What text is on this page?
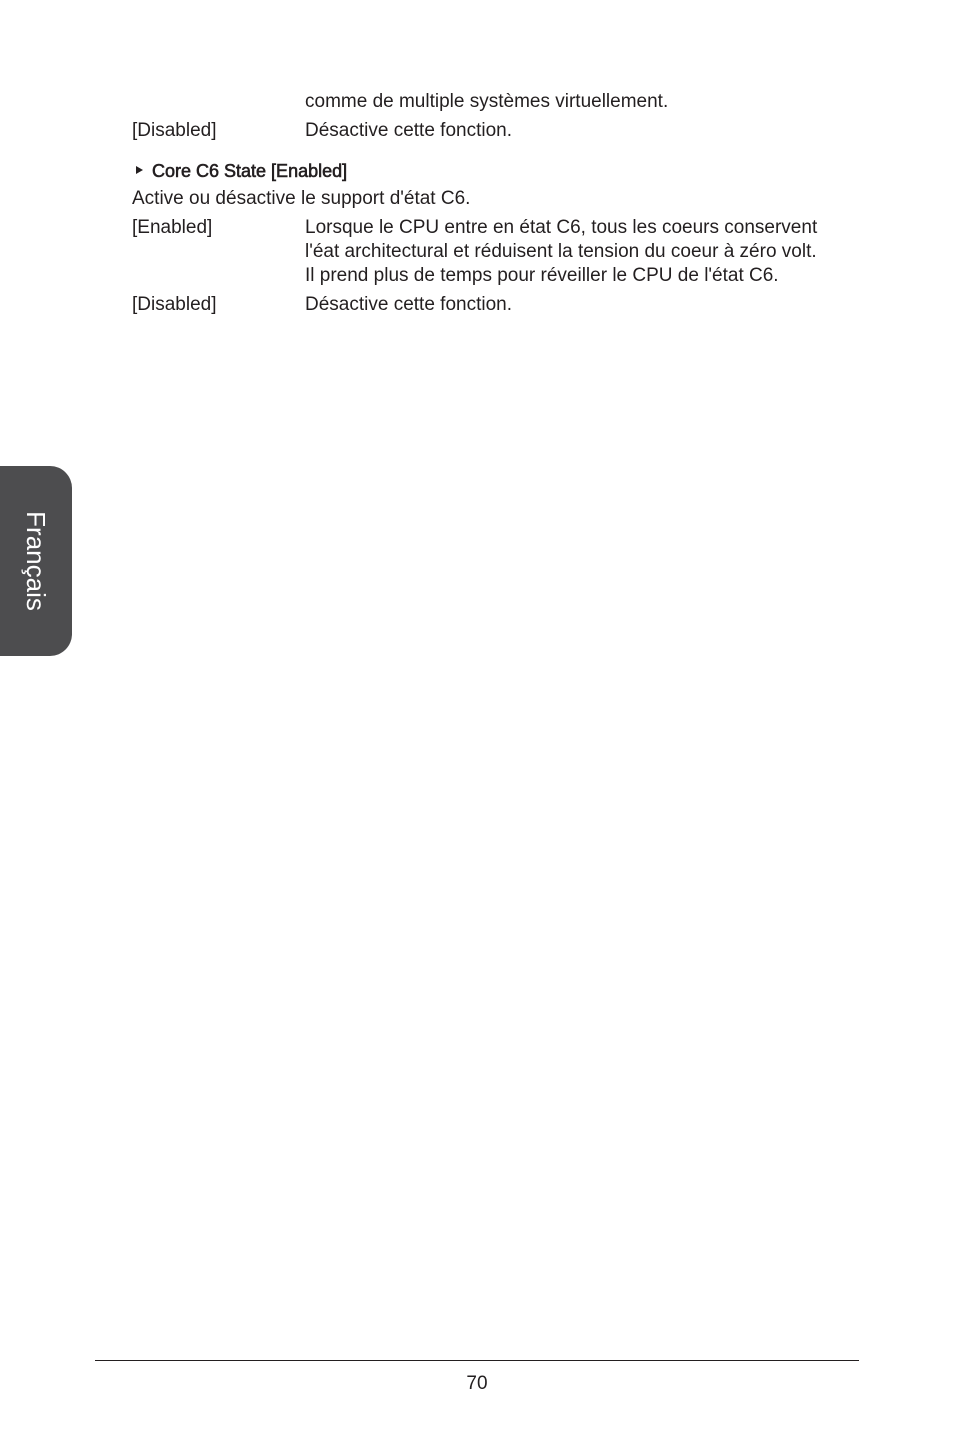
comme de multiple systèmes virtuellement.
[Disabled]	Désactive cette fonction.
Core C6 State [Enabled]
Active ou désactive le support d'état C6.
[Enabled]	Lorsque le CPU entre en état C6, tous les coeurs conservent
l'éat architectural et réduisent la tension du coeur à zéro volt.
Il prend plus de temps pour réveiller le CPU de l'état C6.
[Disabled]	Désactive cette fonction.
Français
70
